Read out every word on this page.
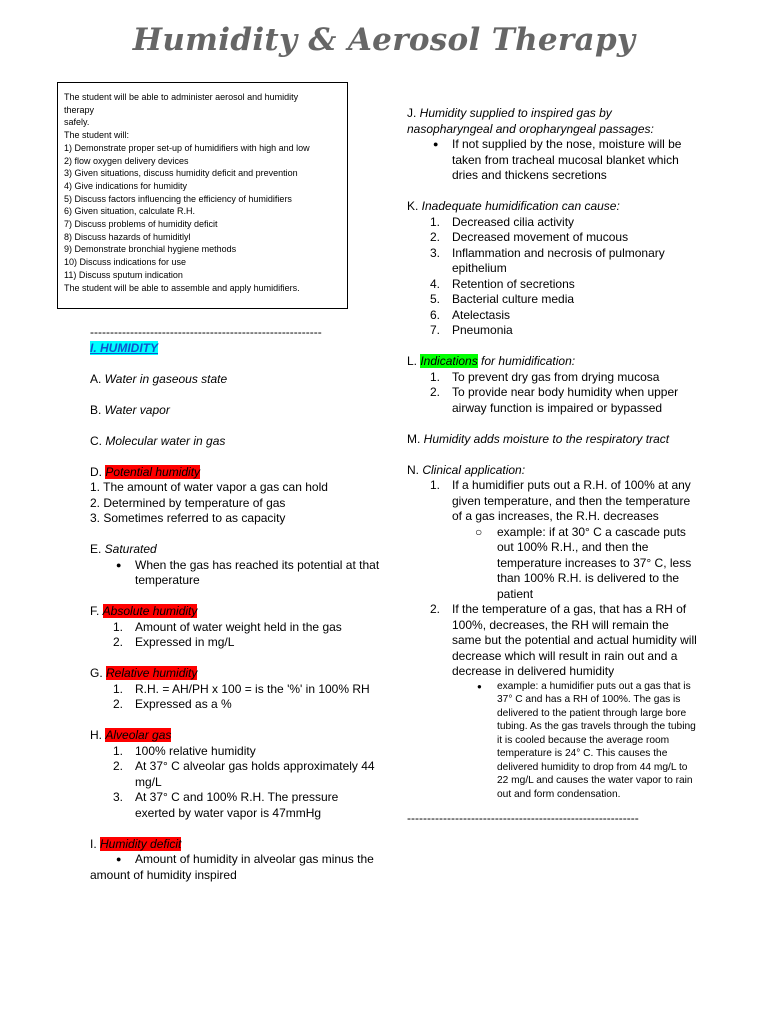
Humidity & Aerosol Therapy
The student will be able to administer aerosol and humidity
therapy
safely.
The student will:
1) Demonstrate proper set-up of humidifiers with high and low
2) flow oxygen delivery devices
3) Given situations, discuss humidity deficit and prevention
4) Give indications for humidity
5) Discuss factors influencing the efficiency of humidifiers
6) Given situation, calculate R.H.
7) Discuss problems of humidity deficit
8) Discuss hazards of humiditlyl
9) Demonstrate bronchial hygiene methods
10) Discuss indications for use
11) Discuss sputum indication
The student will be able to assemble and apply humidifiers.
----------------------------------------------------------
I. HUMIDITY
A. Water in gaseous state
B. Water vapor
C. Molecular water in gas
D. Potential humidity
1. The amount of water vapor a gas can hold
2. Determined by temperature of gas
3. Sometimes referred to as capacity
E. Saturated
● When the gas has reached its potential at that temperature
F. Absolute humidity
1. Amount of water weight held in the gas
2. Expressed in mg/L
G. Relative humidity
1. R.H. = AH/PH x 100 = is the '%' in 100% RH
2. Expressed as a %
H. Alveolar gas
1. 100% relative humidity
2. At 37° C alveolar gas holds approximately 44 mg/L
3. At 37° C and 100% R.H. The pressure exerted by water vapor is 47mmHg
I. Humidity deficit
● Amount of humidity in alveolar gas minus the
amount of humidity inspired
J. Humidity supplied to inspired gas by nasopharyngeal and oropharyngeal passages:
● If not supplied by the nose, moisture will be taken from tracheal mucosal blanket which dries and thickens secretions
K. Inadequate humidification can cause:
1. Decreased cilia activity
2. Decreased movement of mucous
3. Inflammation and necrosis of pulmonary epithelium
4. Retention of secretions
5. Bacterial culture media
6. Atelectasis
7. Pneumonia
L. Indications for humidification:
1. To prevent dry gas from drying mucosa
2. To provide near body humidity when upper airway function is impaired or bypassed
M. Humidity adds moisture to the respiratory tract
N. Clinical application:
1. If a humidifier puts out a R.H. of 100% at any given temperature, and then the temperature of a gas increases, the R.H. decreases
○ example: if at 30° C a cascade puts out 100% R.H., and then the temperature increases to 37° C, less than 100% R.H. is delivered to the patient
2. If the temperature of a gas, that has a RH of 100%, decreases, the RH will remain the same but the potential and actual humidity will decrease which will result in rain out and a decrease in delivered humidity
● example: a humidifier puts out a gas that is 37° C and has a RH of 100%. The gas is delivered to the patient through large bore tubing. As the gas travels through the tubing it is cooled because the average room temperature is 24° C. This causes the delivered humidity to drop from 44 mg/L to 22 mg/L and causes the water vapor to rain out and form condensation.
----------------------------------------------------------
